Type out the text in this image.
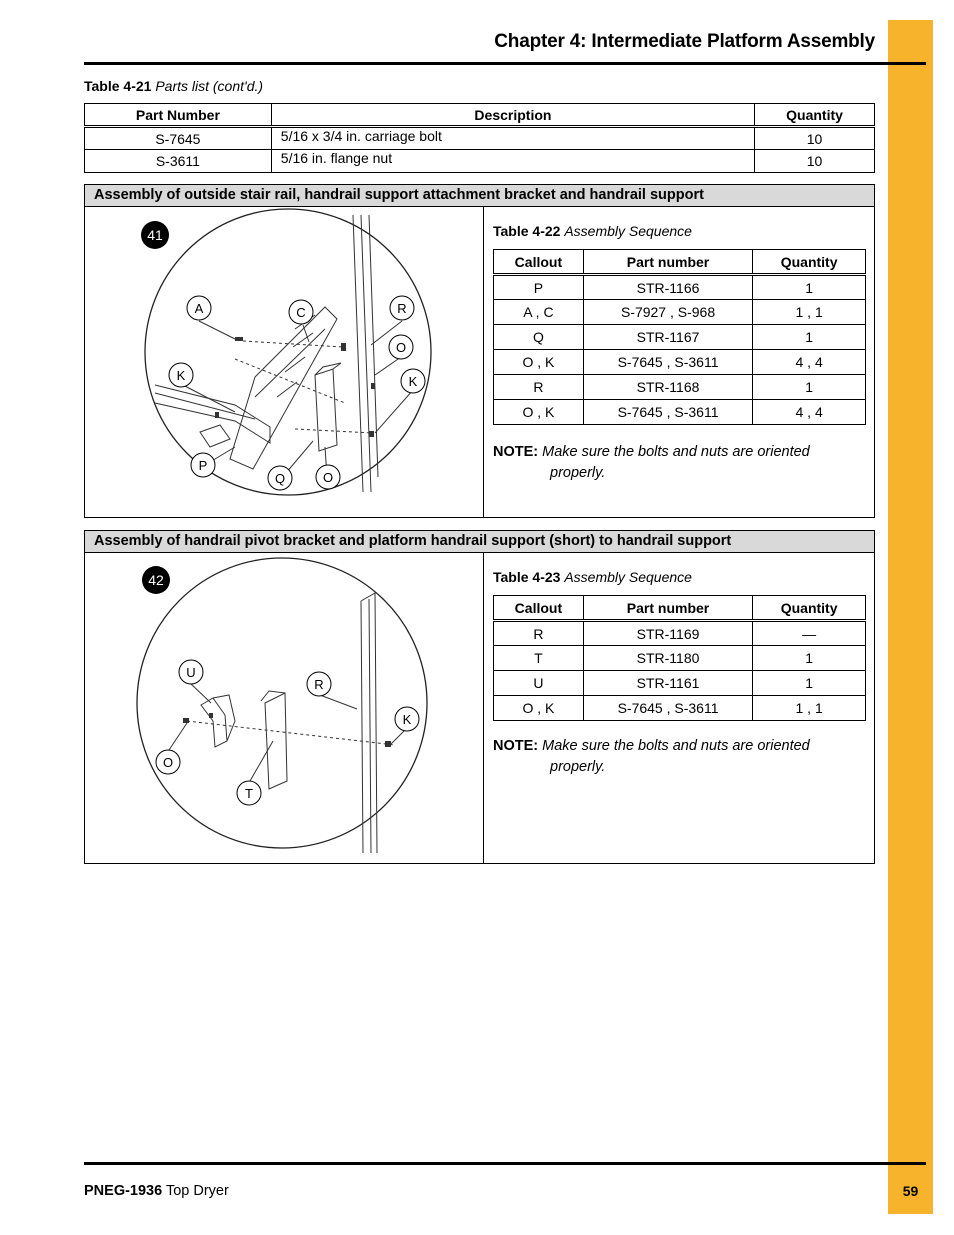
Chapter 4: Intermediate Platform Assembly
Table 4-21 Parts list (cont'd.)
Part Number	Description	Quantity
S-7645	5/16 x 3/4 in. carriage bolt	10
S-3611	5/16 in. flange nut	10
Assembly of outside stair rail, handrail support attachment bracket and handrail support
41
A	C	R
O
K	K
P
Q	O
Table 4-22 Assembly Sequence
Callout	Part number	Quantity
P	STR-1166	1
A , C	S-7927 , S-968	1 , 1
Q	STR-1167	1
O , K	S-7645 , S-3611	4 , 4
R	STR-1168	1
O , K	S-7645 , S-3611	4 , 4
NOTE: Make sure the bolts and nuts are oriented
properly.
Assembly of handrail pivot bracket and platform handrail support (short) to handrail support
42
U
R
K
O
T
Table 4-23 Assembly Sequence
Callout	Part number	Quantity
R	STR-1169	—
T	STR-1180	1
U	STR-1161	1
O , K	S-7645 , S-3611	1 , 1
NOTE: Make sure the bolts and nuts are oriented
properly.
PNEG-1936 Top Dryer	59
